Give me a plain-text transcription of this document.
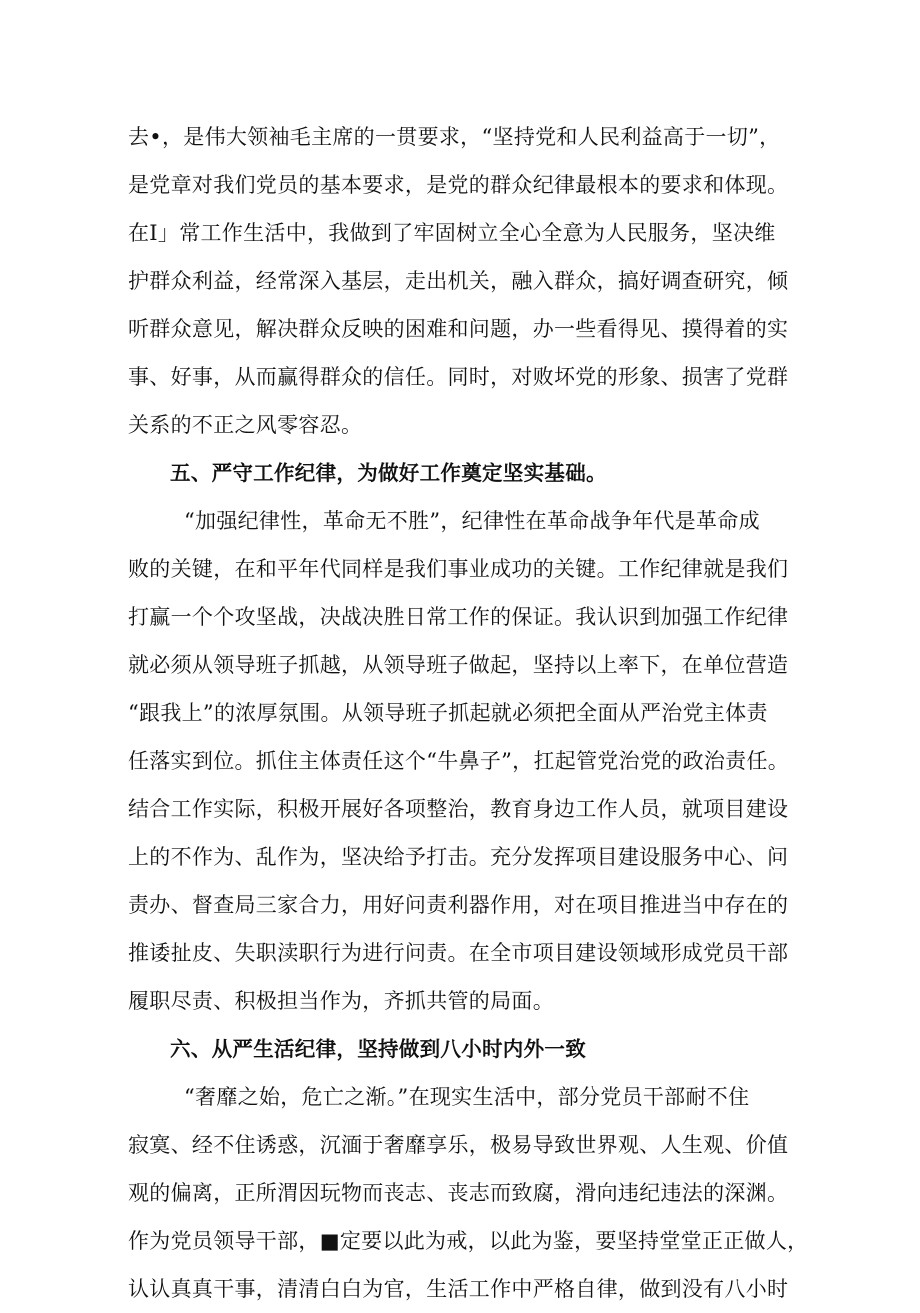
去•，是伟大领袖毛主席的一贯要求，“坚持党和人民利益高于一切”，
是党章对我们党员的基本要求，是党的群众纪律最根本的要求和体现。
在I」常工作生活中，我做到了牢固树立全心全意为人民服务，坚决维
护群众利益，经常深入基层，走出机关，融入群众，搞好调查研究，倾
听群众意见，解决群众反映的困难和问题，办一些看得见、摸得着的实
事、好事，从而赢得群众的信任。同时，对败坏党的形象、损害了党群
关系的不正之风零容忍。
五、严守工作纪律，为做好工作奠定坚实基础。
“加强纪律性，革命无不胜”，纪律性在革命战争年代是革命成
败的关键，在和平年代同样是我们事业成功的关键。工作纪律就是我们
打赢一个个攻坚战，决战决胜日常工作的保证。我认识到加强工作纪律
就必须从领导班子抓越，从领导班子做起，坚持以上率下，在单位营造
“跟我上”的浓厚氛围。从领导班子抓起就必须把全面从严治党主体责
任落实到位。抓住主体责任这个“牛鼻子”，扛起管党治党的政治责任。
结合工作实际，积极开展好各项整治，教育身边工作人员，就项目建设
上的不作为、乱作为，坚决给予打击。充分发挥项目建设服务中心、问
责办、督查局三家合力，用好问责利器作用，对在项目推进当中存在的
推诿扯皮、失职渎职行为进行问责。在全市项目建设领域形成党员干部
履职尽责、积极担当作为，齐抓共管的局面。
六、从严生活纪律，坚持做到八小时内外一致
“奢靡之始，危亡之渐。”在现实生活中，部分党员干部耐不住
寂寞、经不住诱惑，沉湎于奢靡享乐，极易导致世界观、人生观、价值
观的偏离，正所渭因玩物而丧志、丧志而致腐，滑向违纪违法的深渊。
作为党员领导干部，■定要以此为戒，以此为鉴，要坚持堂堂正正做人，
认认真真干事，清清白白为官，生活工作中严格自律，做到没有八小时
